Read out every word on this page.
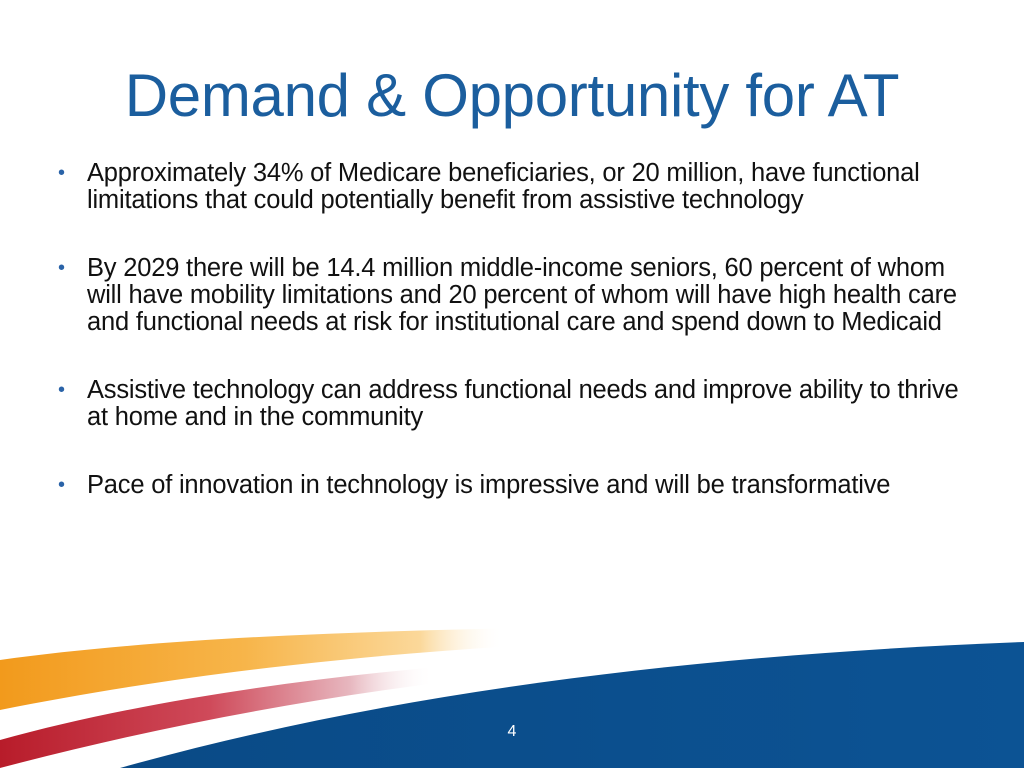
Demand & Opportunity for AT
• Approximately 34% of Medicare beneficiaries, or 20 million, have functional limitations that could potentially benefit from assistive technology
• By 2029 there will be 14.4 million middle-income seniors, 60 percent of whom will have mobility limitations and 20 percent of whom will have high health care and functional needs at risk for institutional care and spend down to Medicaid
• Assistive technology can address functional needs and improve ability to thrive at home and in the community
• Pace of innovation in technology is impressive and will be transformative
4
